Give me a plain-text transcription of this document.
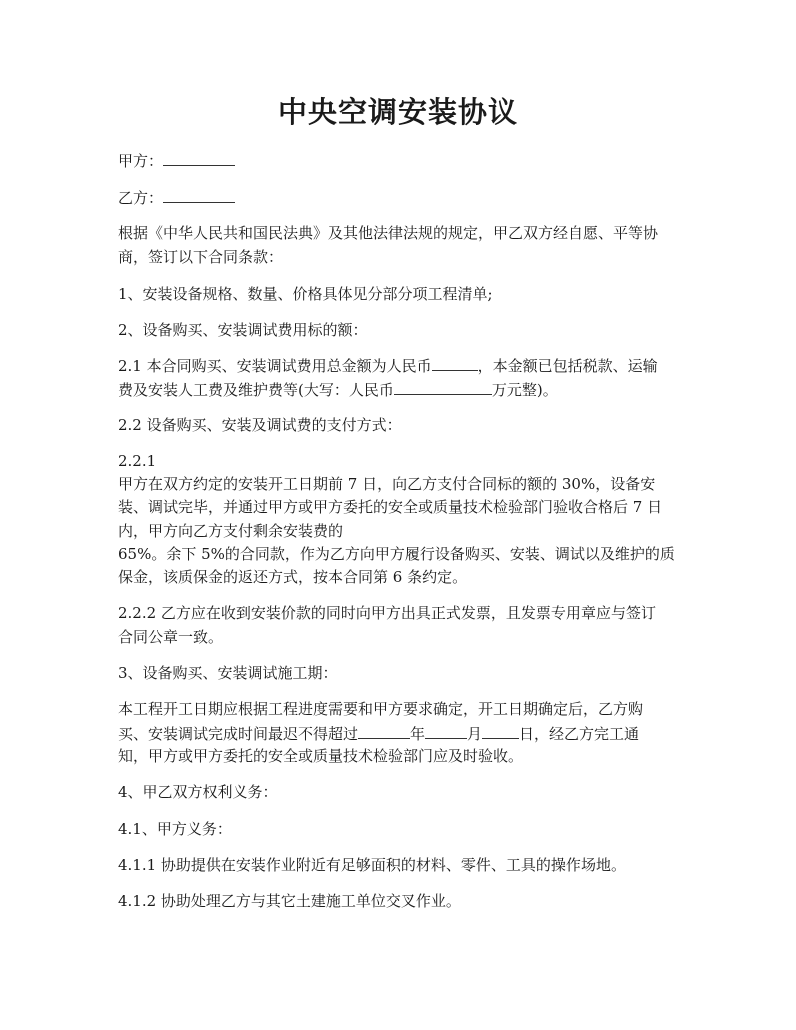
中央空调安装协议
甲方：
乙方：
根据《中华人民共和国民法典》及其他法律法规的规定，甲乙双方经自愿、平等协
商，签订以下合同条款：
1、安装设备规格、数量、价格具体见分部分项工程清单;
2、设备购买、安装调试费用标的额：
2.1 本合同购买、安装调试费用总金额为人民币	，本金额已包括税款、运输
费及安装人工费及维护费等(大写：人民币	万元整)。
2.2 设备购买、安装及调试费的支付方式：
2.2.1
甲方在双方约定的安装开工日期前 7 日，向乙方支付合同标的额的 30%，设备安
装、调试完毕，并通过甲方或甲方委托的安全或质量技术检验部门验收合格后 7 日
内，甲方向乙方支付剩余安装费的
65%。余下 5%的合同款，作为乙方向甲方履行设备购买、安装、调试以及维护的质
保金，该质保金的返还方式，按本合同第 6 条约定。
2.2.2 乙方应在收到安装价款的同时向甲方出具正式发票，且发票专用章应与签订
合同公章一致。
3、设备购买、安装调试施工期：
本工程开工日期应根据工程进度需要和甲方要求确定，开工日期确定后，乙方购
买、安装调试完成时间最迟不得超过	年	月 日，经乙方完工通
知，甲方或甲方委托的安全或质量技术检验部门应及时验收。
4、甲乙双方权利义务：
4.1、甲方义务：
4.1.1 协助提供在安装作业附近有足够面积的材料、零件、工具的操作场地。
4.1.2 协助处理乙方与其它土建施工单位交叉作业。
